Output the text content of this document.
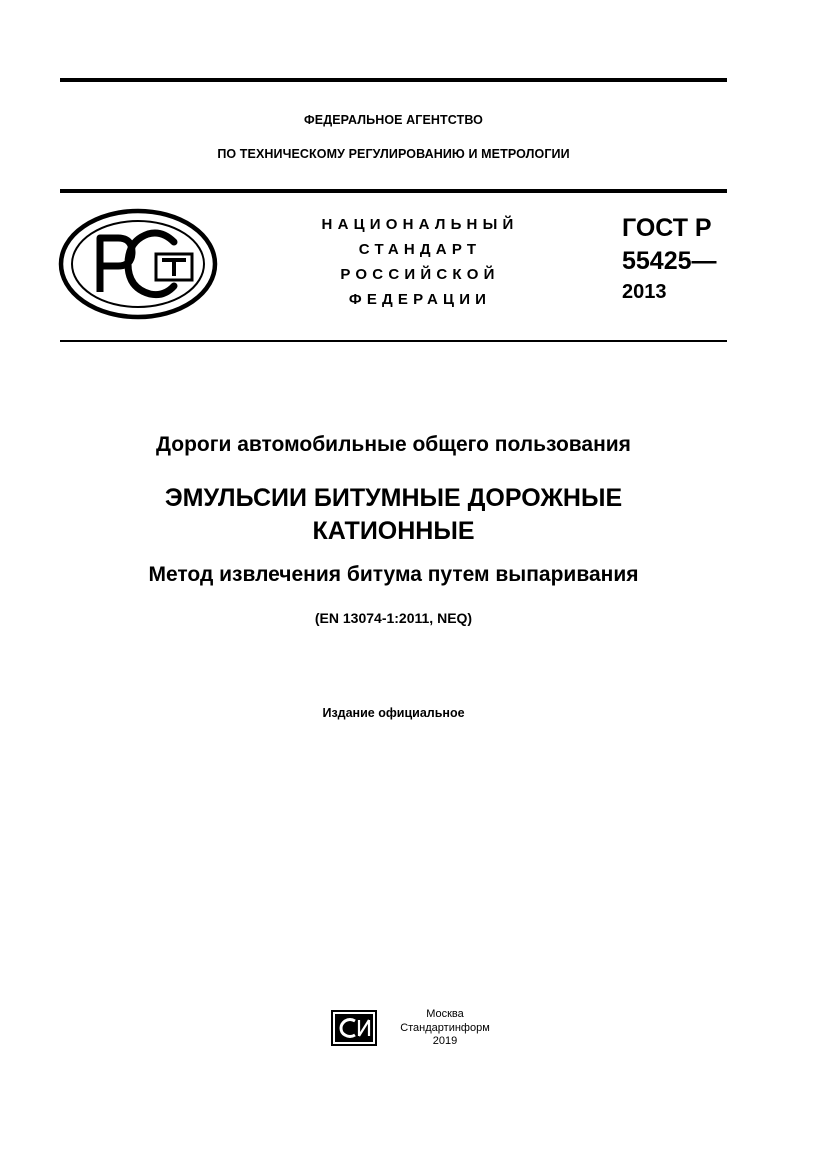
ФЕДЕРАЛЬНОЕ АГЕНТСТВО
ПО ТЕХНИЧЕСКОМУ РЕГУЛИРОВАНИЮ И МЕТРОЛОГИИ
НАЦИОНАЛЬНЫЙ
СТАНДАРТ
РОССИЙСКОЙ
ФЕДЕРАЦИИ
ГОСТ Р
55425—
2013
Дороги автомобильные общего пользования
ЭМУЛЬСИИ БИТУМНЫЕ ДОРОЖНЫЕ
КАТИОННЫЕ
Метод извлечения битума путем выпаривания
(EN 13074-1:2011, NEQ)
Издание официальное
Москва
Стандартинформ
2019
